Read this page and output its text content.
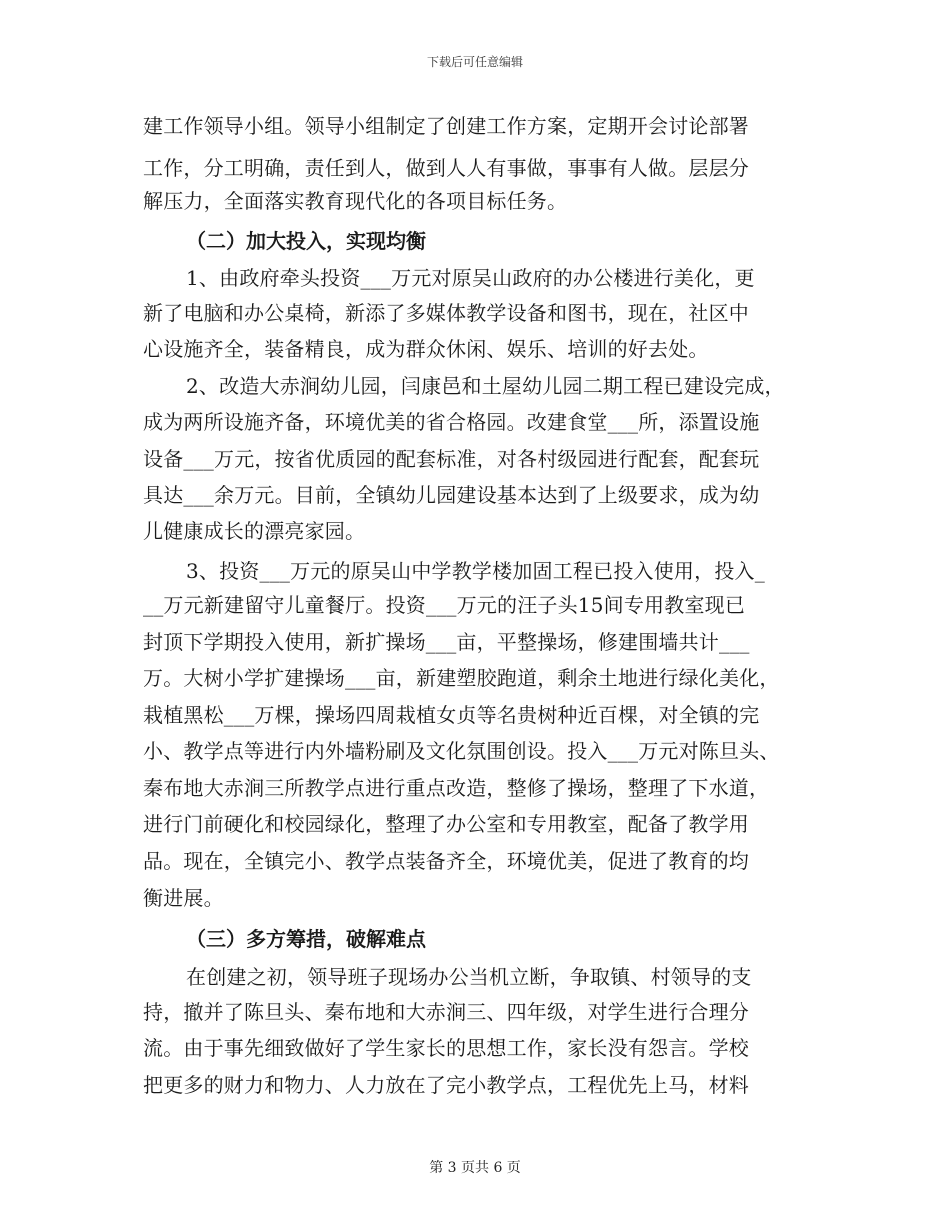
下载后可任意编辑
建工作领导小组。领导小组制定了创建工作方案，定期开会讨论部署
工作，分工明确，责任到人，做到人人有事做，事事有人做。层层分
解压力，全面落实教育现代化的各项目标任务。
（二）加大投入，实现均衡
1、由政府牵头投资___万元对原吴山政府的办公楼进行美化，更
新了电脑和办公桌椅，新添了多媒体教学设备和图书，现在，社区中
心设施齐全，装备精良，成为群众休闲、娱乐、培训的好去处。
2、改造大赤涧幼儿园，闫康邑和土屋幼儿园二期工程已建设完成，
成为两所设施齐备，环境优美的省合格园。改建食堂___所，添置设施
设备___万元，按省优质园的配套标准，对各村级园进行配套，配套玩
具达___余万元。目前，全镇幼儿园建设基本达到了上级要求，成为幼
儿健康成长的漂亮家园。
3、投资___万元的原吴山中学教学楼加固工程已投入使用，投入_
__万元新建留守儿童餐厅。投资___万元的汪子头15间专用教室现已
封顶下学期投入使用，新扩操场___亩，平整操场，修建围墙共计___
万。大树小学扩建操场___亩，新建塑胶跑道，剩余土地进行绿化美化，
栽植黑松___万棵，操场四周栽植女贞等名贵树种近百棵，对全镇的完
小、教学点等进行内外墙粉刷及文化氛围创设。投入___万元对陈旦头、
秦布地大赤涧三所教学点进行重点改造，整修了操场，整理了下水道，
进行门前硬化和校园绿化，整理了办公室和专用教室，配备了教学用
品。现在，全镇完小、教学点装备齐全，环境优美，促进了教育的均
衡进展。
（三）多方筹措，破解难点
在创建之初，领导班子现场办公当机立断，争取镇、村领导的支
持，撤并了陈旦头、秦布地和大赤涧三、四年级，对学生进行合理分
流。由于事先细致做好了学生家长的思想工作，家长没有怨言。学校
把更多的财力和物力、人力放在了完小教学点，工程优先上马，材料
第 3 页共 6 页
